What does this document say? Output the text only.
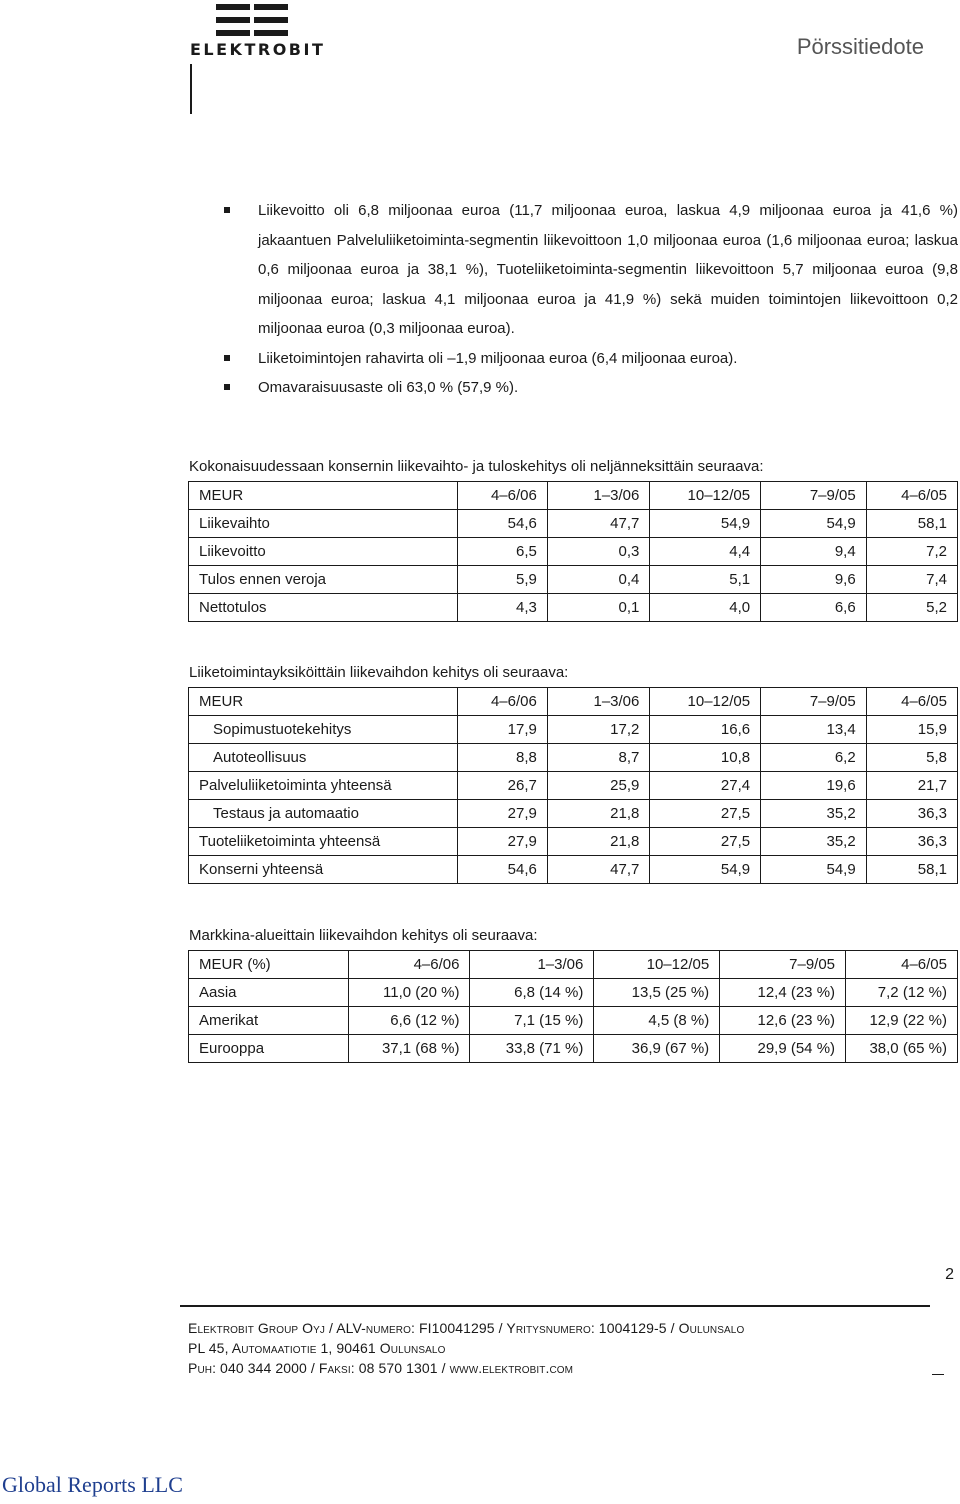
ELEKTROBIT	Pörssitiedote
Liikevoitto oli 6,8 miljoonaa euroa (11,7 miljoonaa euroa, laskua 4,9 miljoonaa euroa ja 41,6 %) jakaantuen Palveluliiketoiminta-segmentin liikevoittoon 1,0 miljoonaa euroa (1,6 miljoonaa euroa; laskua 0,6 miljoonaa euroa ja 38,1 %), Tuoteliiketoiminta-segmentin liikevoittoon 5,7 miljoonaa euroa (9,8 miljoonaa euroa; laskua 4,1 miljoonaa euroa ja 41,9 %) sekä muiden toimintojen liikevoittoon 0,2 miljoonaa euroa (0,3 miljoonaa euroa).
Liiketoimintojen rahavirta oli –1,9 miljoonaa euroa (6,4 miljoonaa euroa).
Omavaraisuusaste oli 63,0 % (57,9 %).
Kokonaisuudessaan konsernin liikevaihto- ja tuloskehitys oli neljänneksittäin seuraava:
MEUR	4–6/06	1–3/06	10–12/05	7–9/05	4–6/05
Liikevaihto	54,6	47,7	54,9	54,9	58,1
Liikevoitto	6,5	0,3	4,4	9,4	7,2
Tulos ennen veroja	5,9	0,4	5,1	9,6	7,4
Nettotulos	4,3	0,1	4,0	6,6	5,2
Liiketoimintayksiköittäin liikevaihdon kehitys oli seuraava:
MEUR	4–6/06	1–3/06	10–12/05	7–9/05	4–6/05
Sopimustuotekehitys	17,9	17,2	16,6	13,4	15,9
Autoteollisuus	8,8	8,7	10,8	6,2	5,8
Palveluliiketoiminta yhteensä	26,7	25,9	27,4	19,6	21,7
Testaus ja automaatio	27,9	21,8	27,5	35,2	36,3
Tuoteliiketoiminta yhteensä	27,9	21,8	27,5	35,2	36,3
Konserni yhteensä	54,6	47,7	54,9	54,9	58,1
Markkina-alueittain liikevaihdon kehitys oli seuraava:
MEUR (%)	4–6/06	1–3/06	10–12/05	7–9/05	4–6/05
Aasia	11,0 (20 %)	6,8 (14 %)	13,5 (25 %)	12,4 (23 %)	7,2 (12 %)
Amerikat	6,6 (12 %)	7,1 (15 %)	4,5 (8 %)	12,6 (23 %)	12,9 (22 %)
Eurooppa	37,1 (68 %)	33,8 (71 %)	36,9 (67 %)	29,9 (54 %)	38,0 (65 %)
2
Elektrobit Group Oyj / ALV-numero: FI10041295 / Yritysnumero: 1004129-5 / Oulunsalo
PL 45, Automaatiotie 1, 90461 Oulunsalo
Puh: 040 344 2000 / Faksi: 08 570 1301 / www.elektrobit.com
Global Reports LLC
